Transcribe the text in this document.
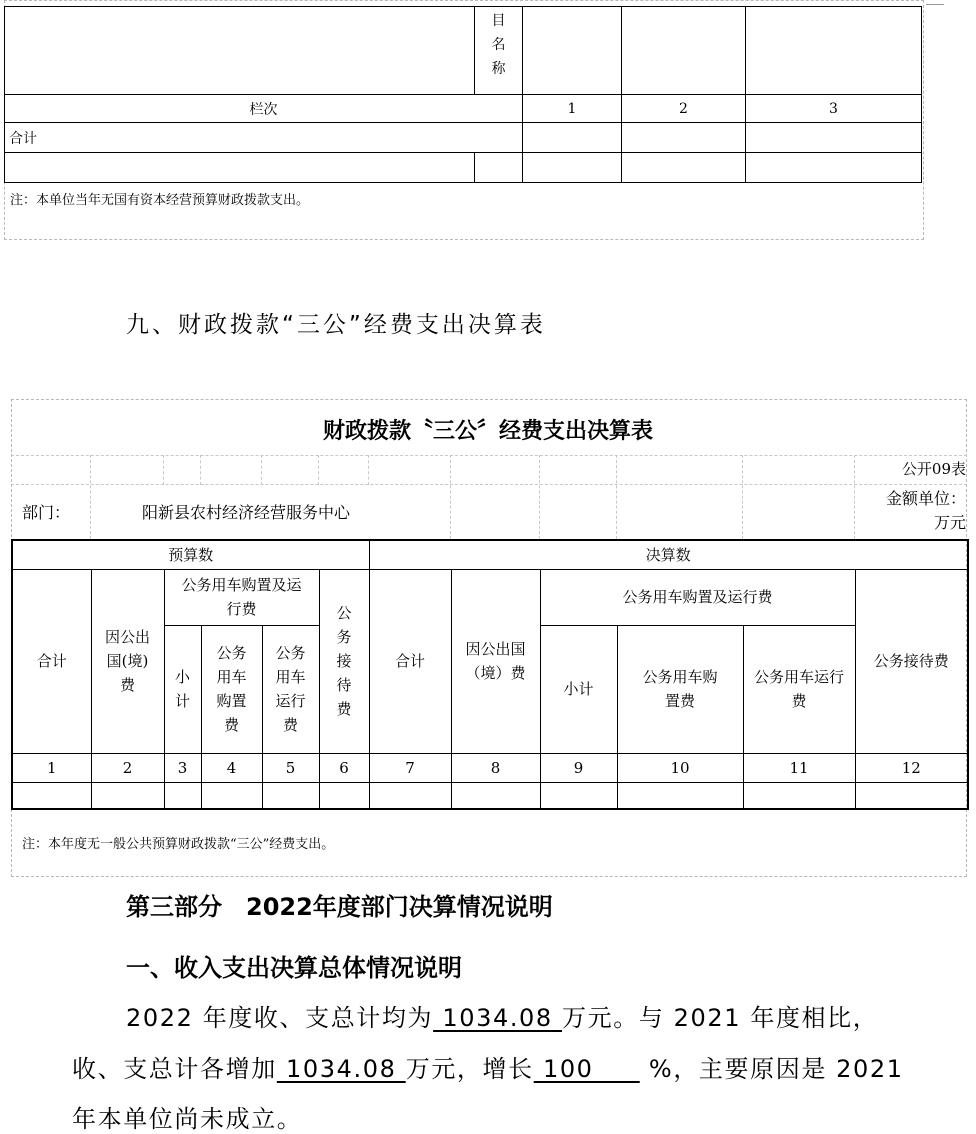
	目名称			
栏次		1	2	3
合计				

注：本单位当年无国有资本经营预算财政拨款支出。
九、财政拨款“三公”经费支出决算表
财政拨款〝三公〞经费支出决算表
公开09表
部门：	阳新县农村经济经营服务中心
金额单位：
万元
预算数						决算数					
合计	因公出国(境)费	公务用车购置及运行费			公务接待费	合计	因公出国（境）费	公务用车购置及运行费			公务接待费
		小计	公务用车购置费	公务用车运行费				小计	公务用车购置费	公务用车运行费	
1	2	3	4	5	6	7	8	9	10	11	12

注：本年度无一般公共预算财政拨款“三公”经费支出。
第三部分　2022年度部门决算情况说明
一、收入支出决算总体情况说明
2022 年度收、支总计均为 1034.08 万元。与 2021 年度相比，
收、支总计各增加 1034.08 万元，增长 100      %，主要原因是 2021
年本单位尚未成立。
